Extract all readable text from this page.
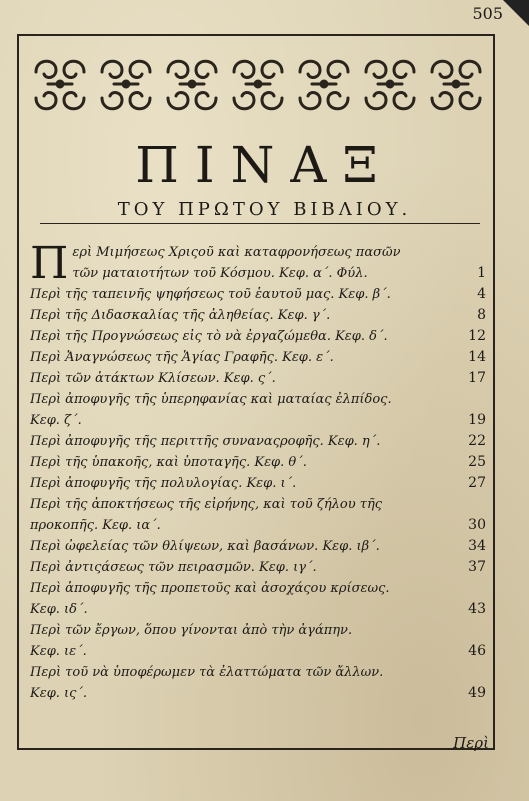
505
ΠΙΝΑΞ
ΤΟΥ ΠΡΩΤΟΥ ΒΙΒΛΙΟΥ.
Π ερὶ Μιμήσεως Χριςοῦ καὶ καταφρονήσεως πασῶν
τῶν ματαιοτήτων τοῦ Κόσμου. Κεφ. α΄. Φύλ.	1
Περὶ τῆς ταπεινῆς ψηφήσεως τοῦ ἑαυτοῦ μας. Κεφ. β΄.	4
Περὶ τῆς Διδασκαλίας τῆς ἀληθείας. Κεφ. γ΄.	8
Περὶ τῆς Προγνώσεως εἰς τὸ νὰ ἐργαζώμεθα. Κεφ. δ΄.	12
Περὶ Ἀναγνώσεως τῆς Ἁγίας Γραφῆς. Κεφ. ε΄.	14
Περὶ τῶν ἀτάκτων Κλίσεων. Κεφ. ς΄.	17
Περὶ ἀποφυγῆς τῆς ὑπερηφανίας καὶ ματαίας ἐλπίδος.
Κεφ. ζ΄.	19
Περὶ ἀποφυγῆς τῆς περιττῆς συναναςροφῆς. Κεφ. η΄.	22
Περὶ τῆς ὑπακοῆς, καὶ ὑποταγῆς. Κεφ. θ΄.	25
Περὶ ἀποφυγῆς τῆς πολυλογίας. Κεφ. ι΄.	27
Περὶ τῆς ἀποκτήσεως τῆς εἰρήνης, καὶ τοῦ ζήλου τῆς
προκοπῆς. Κεφ. ια΄.	30
Περὶ ὠφελείας τῶν θλίψεων, καὶ βασάνων. Κεφ. ιβ΄.	34
Περὶ ἀντιςάσεως τῶν πειρασμῶν. Κεφ. ιγ΄.	37
Περὶ ἀποφυγῆς τῆς προπετοῦς καὶ ἀσοχάςου κρίσεως.
Κεφ. ιδ΄.	43
Περὶ τῶν ἔργων, ὅπου γίνονται ἀπὸ τὴν ἀγάπην.
Κεφ. ιε΄.	46
Περὶ τοῦ νὰ ὑποφέρωμεν τὰ ἐλαττώματα τῶν ἄλλων.
Κεφ. ις΄.	49
Περὶ
